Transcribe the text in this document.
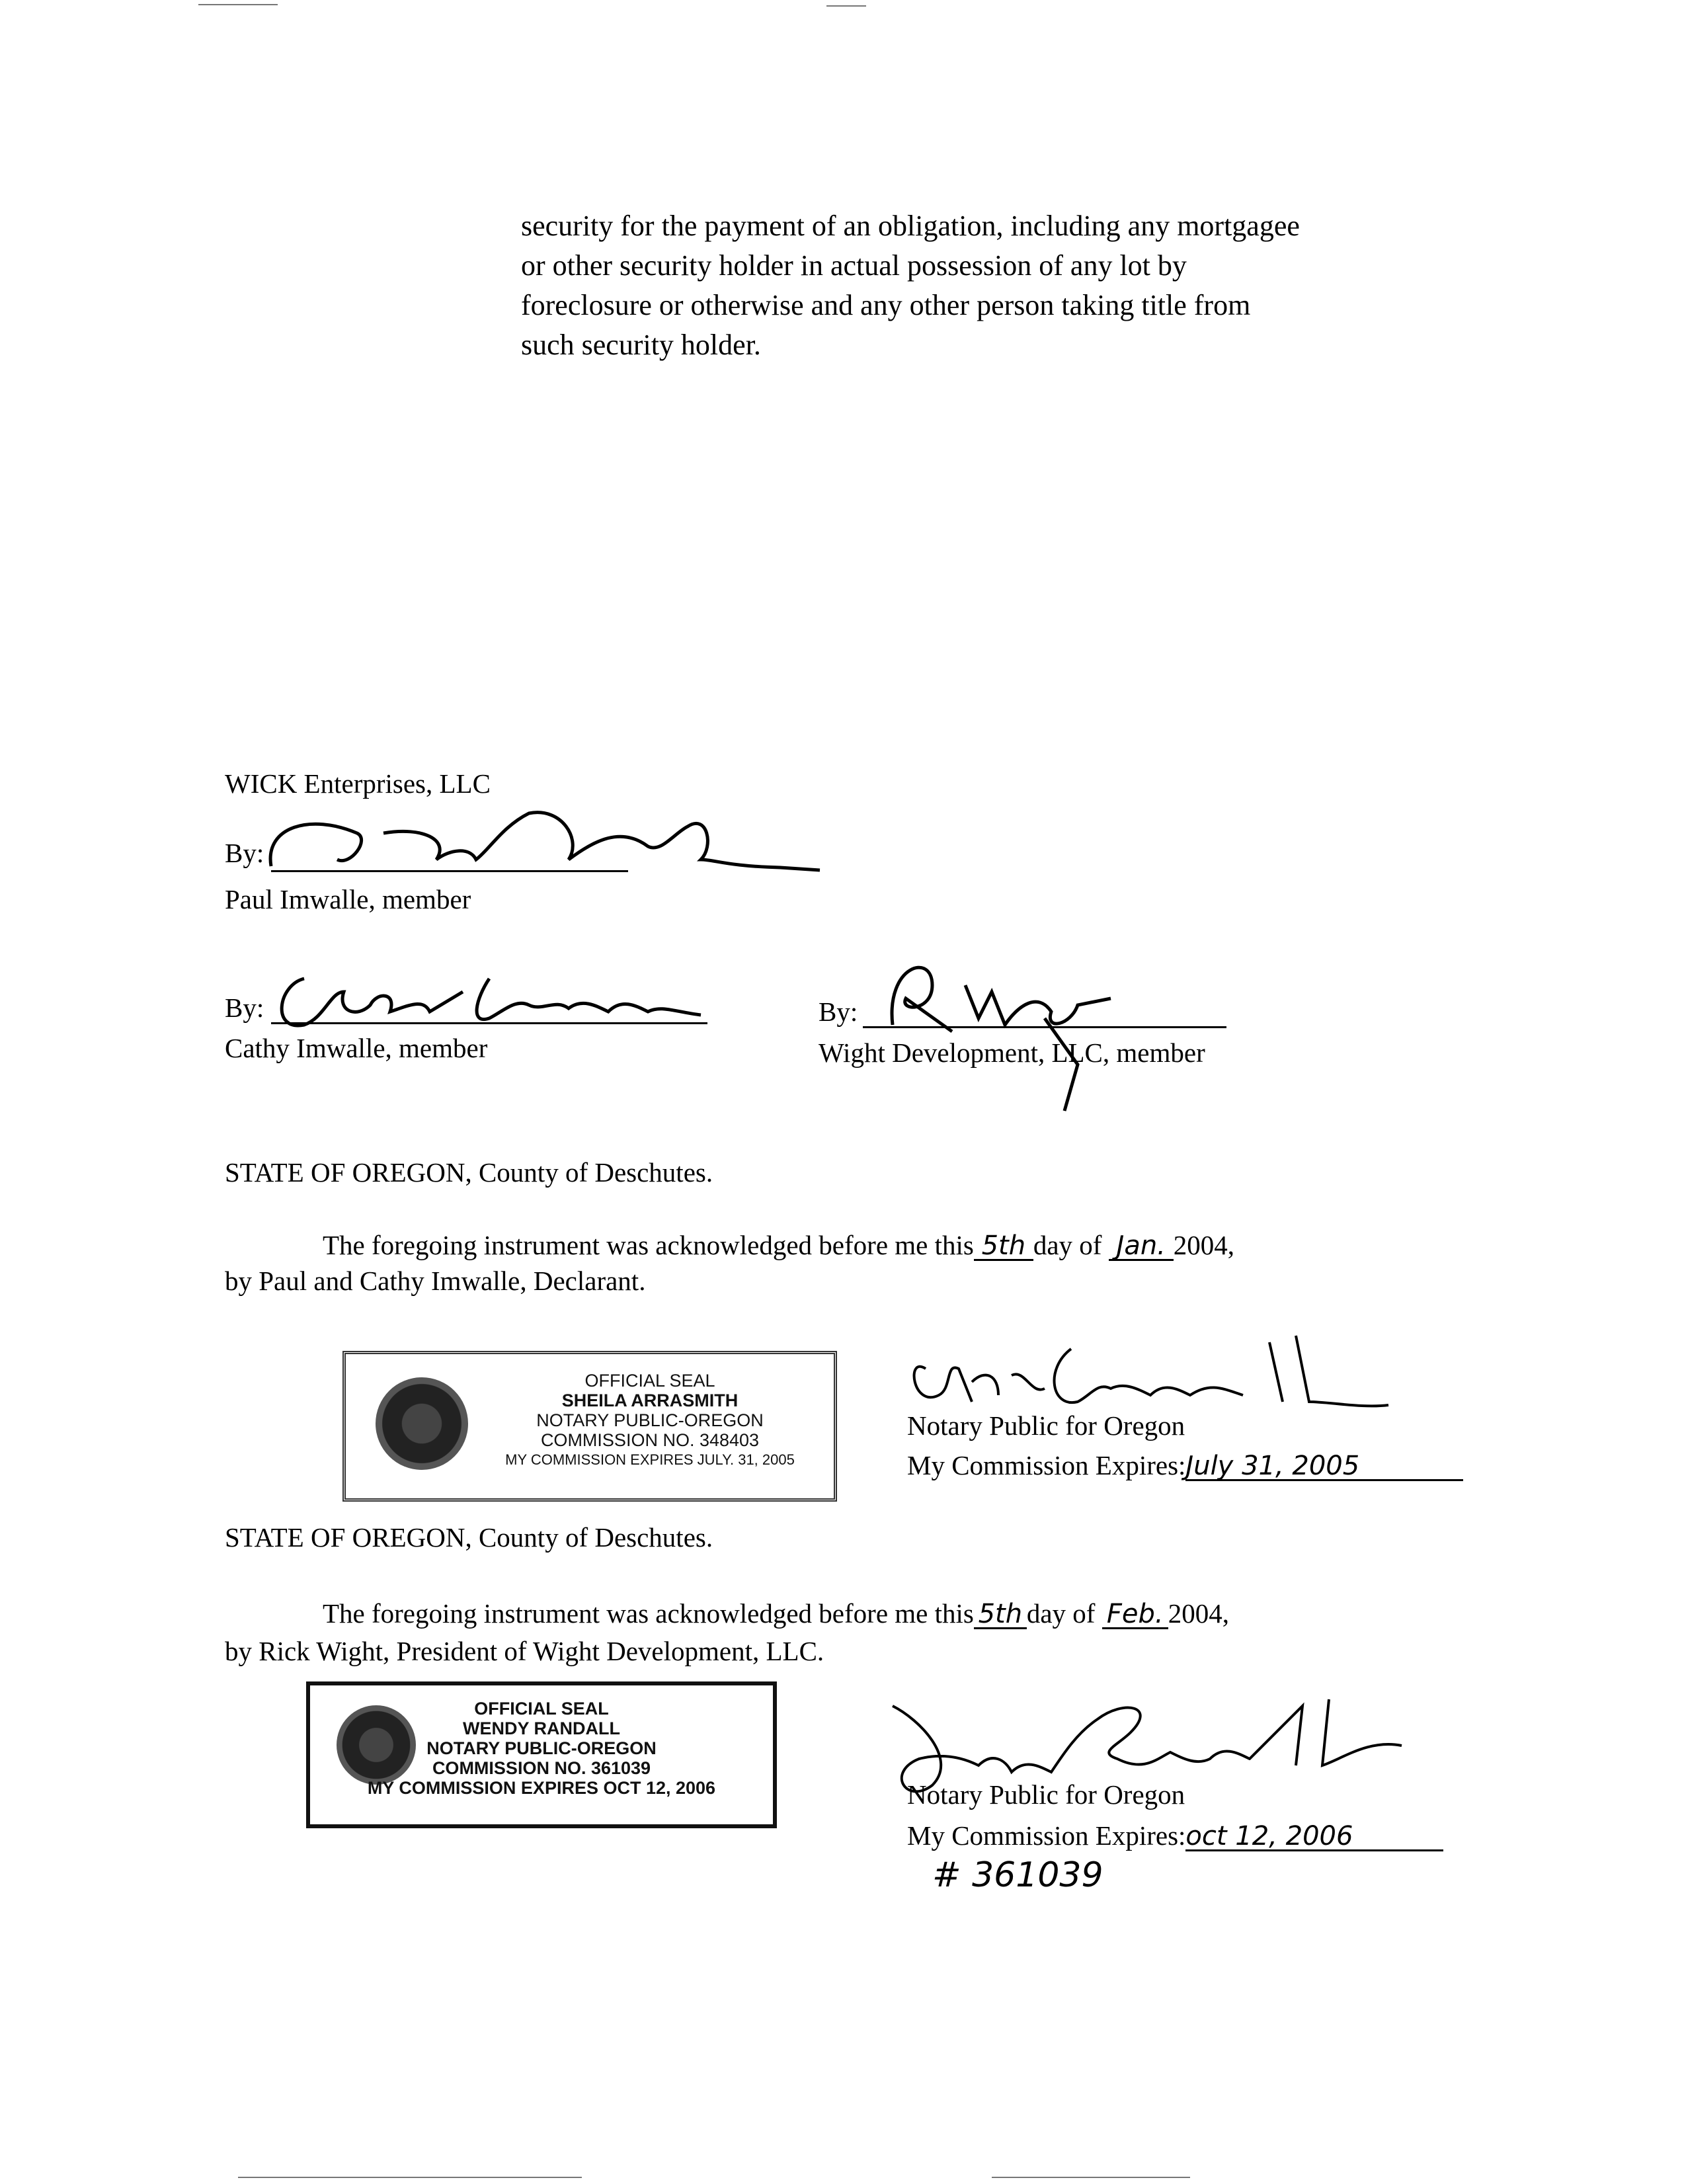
security for the payment of an obligation, including any mortgagee
or other security holder in actual possession of any lot by
foreclosure or otherwise and any other person taking title from
such security holder.
WICK Enterprises, LLC
By:
Paul Imwalle, member
By:
Cathy Imwalle, member
By:
Wight Development, LLC, member
STATE OF OREGON, County of Deschutes.
The foregoing instrument was acknowledged before me this 5th day of Jan. 2004,
by Paul and Cathy Imwalle, Declarant.
OFFICIAL SEAL
SHEILA ARRASMITH
NOTARY PUBLIC-OREGON
COMMISSION NO. 348403
MY COMMISSION EXPIRES JULY. 31, 2005
Notary Public for Oregon
My Commission Expires:July 31, 2005
STATE OF OREGON, County of Deschutes.
The foregoing instrument was acknowledged before me this 5th day of Feb. 2004,
by Rick Wight, President of Wight Development, LLC.
OFFICIAL SEAL
WENDY RANDALL
NOTARY PUBLIC-OREGON
COMMISSION NO. 361039
MY COMMISSION EXPIRES OCT 12, 2006	Notary Public for Oregon
My Commission Expires:oct 12, 2006
# 361039
